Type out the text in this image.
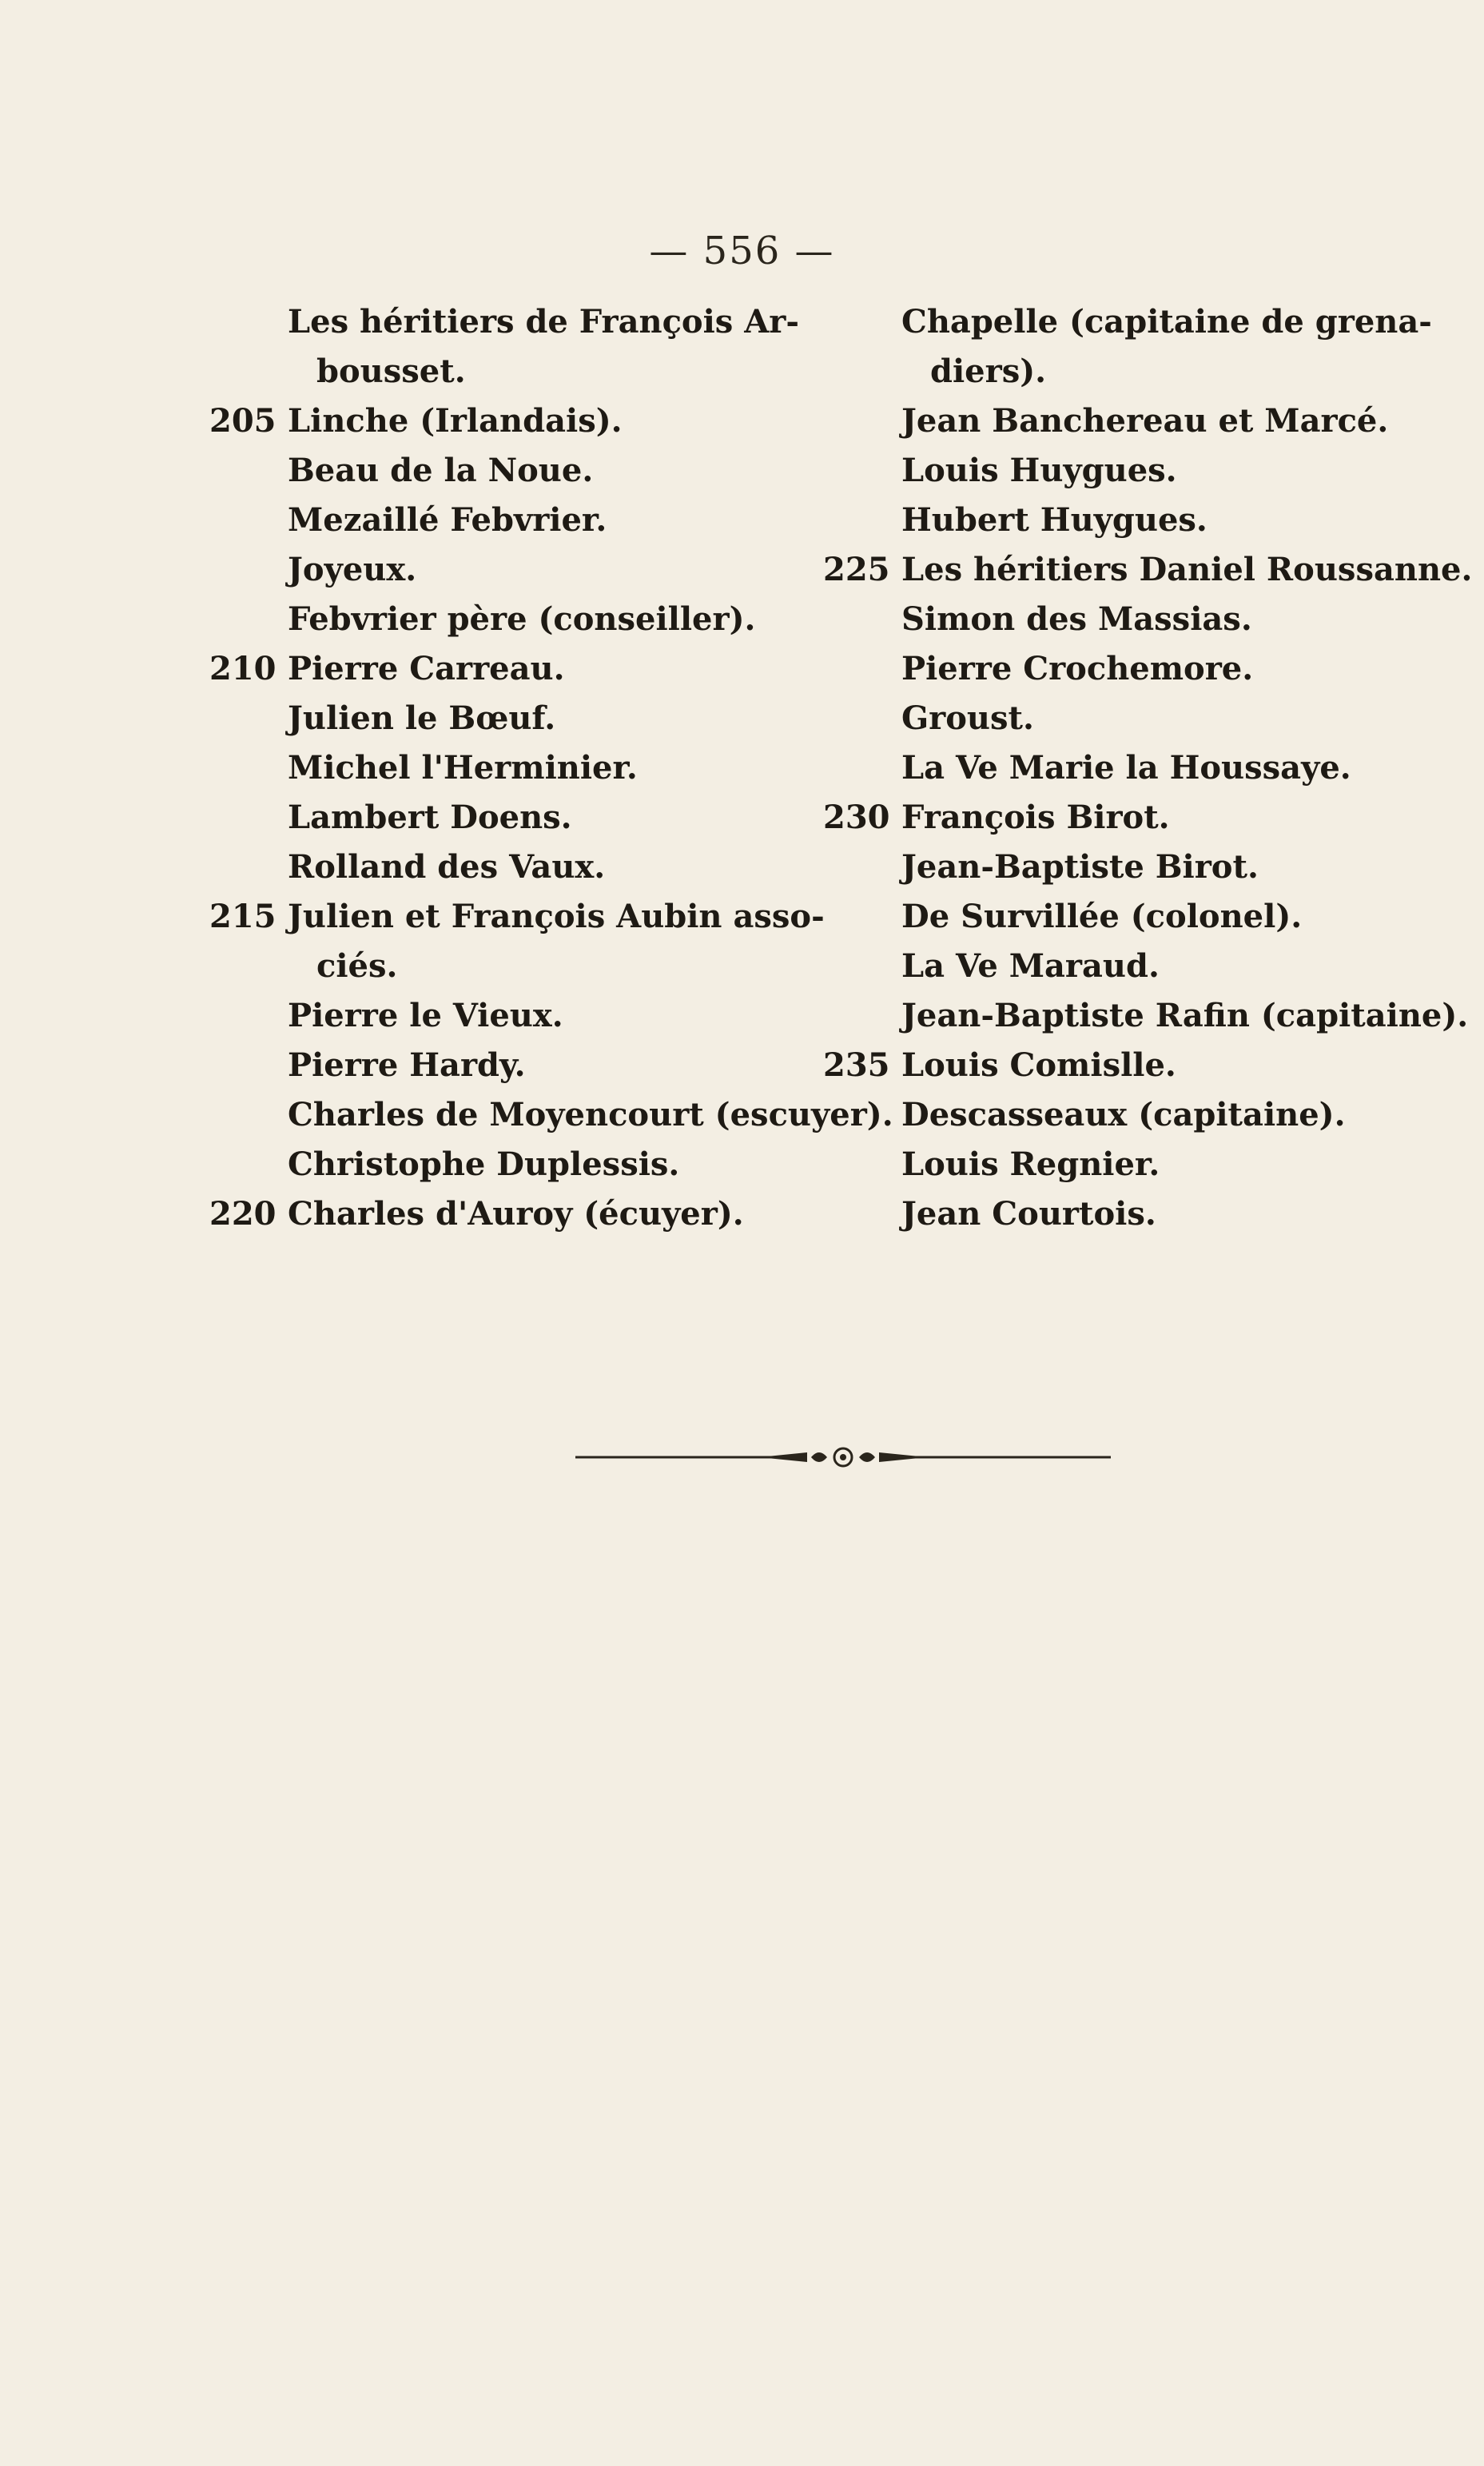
— 556 —
Les héritiers de François Ar-
bousset.
205 Linche (Irlandais).
Beau de la Noue.
Mezaillé Febvrier.
Joyeux.
Febvrier père (conseiller).
210 Pierre Carreau.
Julien le Bœuf.
Michel l'Herminier.
Lambert Doens.
Rolland des Vaux.
215 Julien et François Aubin asso-
ciés.
Pierre le Vieux.
Pierre Hardy.
Charles de Moyencourt (escuyer).
Christophe Duplessis.
220 Charles d'Auroy (écuyer).
Chapelle (capitaine de grena-
diers).
Jean Banchereau et Marcé.
Louis Huygues.
Hubert Huygues.
225 Les héritiers Daniel Roussanne.
Simon des Massias.
Pierre Crochemore.
Groust.
La Ve Marie la Houssaye.
230 François Birot.
Jean-Baptiste Birot.
De Survillée (colonel).
La Ve Maraud.
Jean-Baptiste Rafin (capitaine).
235 Louis Comislle.
Descasseaux (capitaine).
Louis Regnier.
Jean Courtois.
